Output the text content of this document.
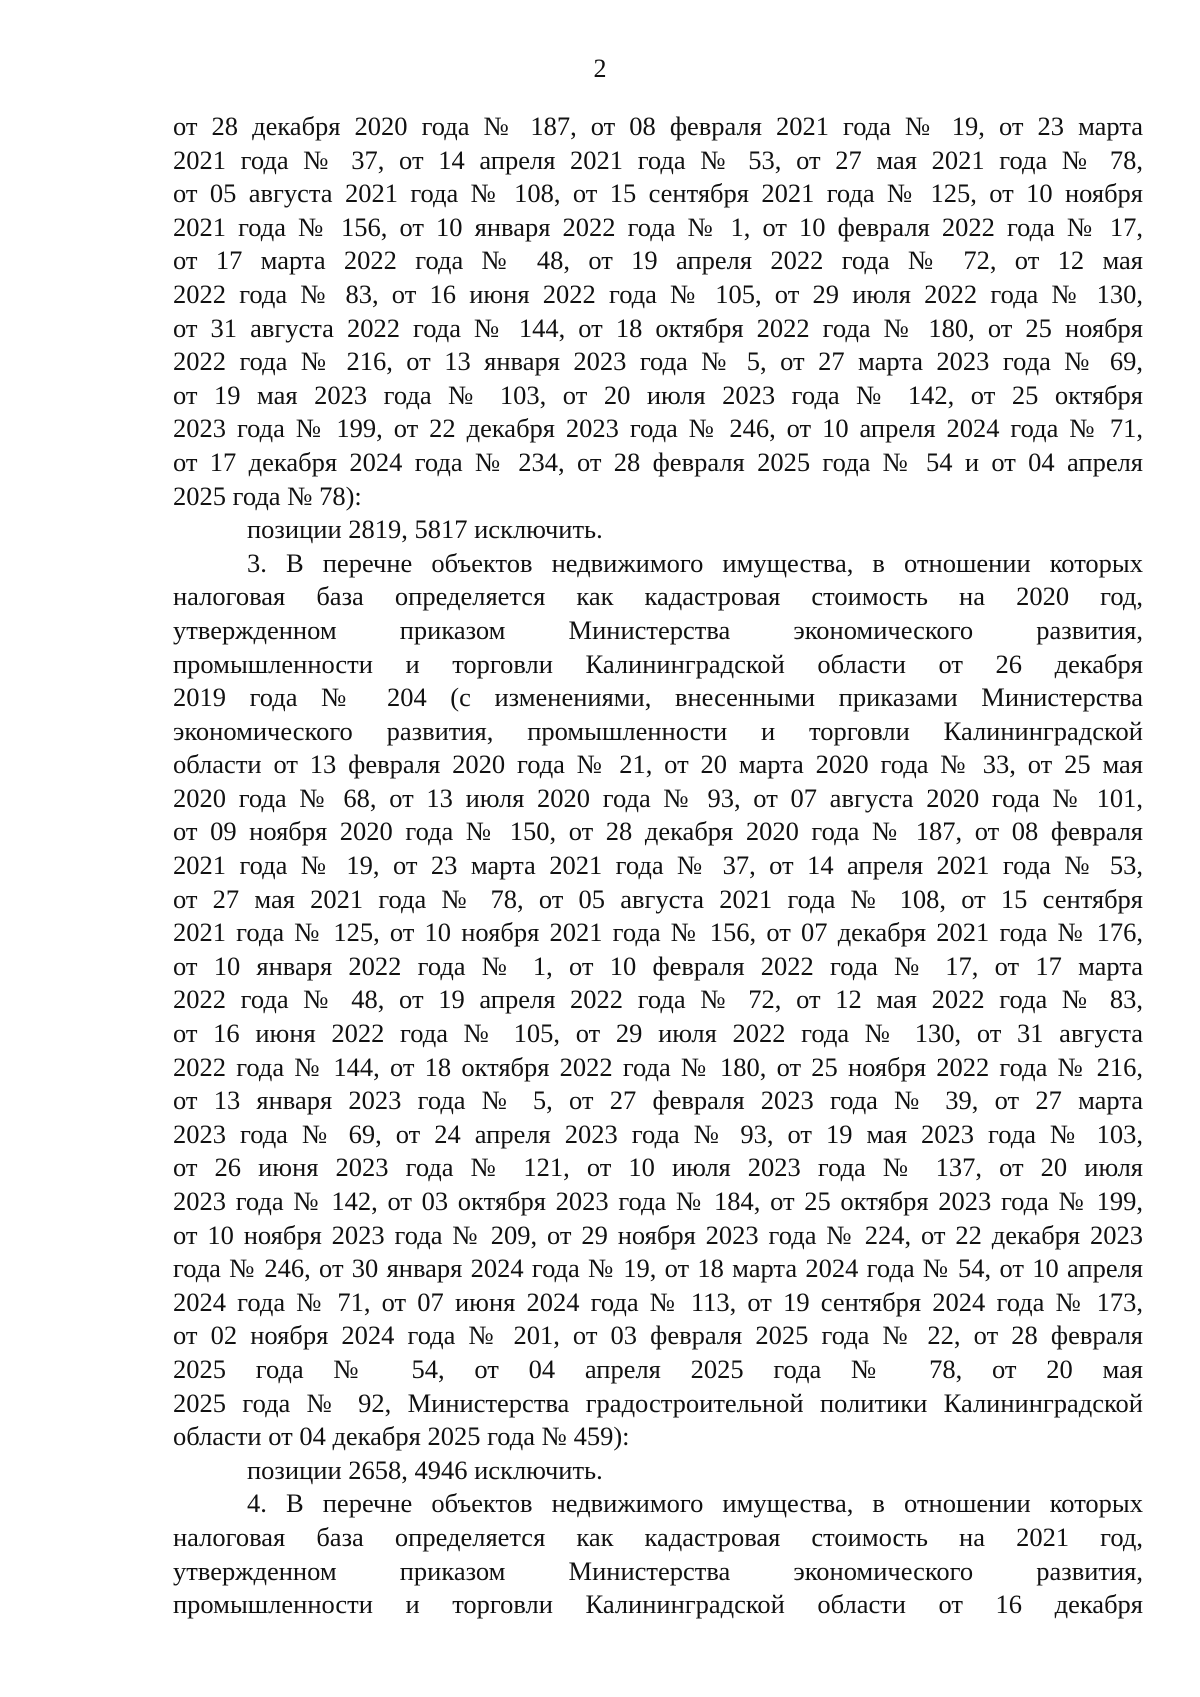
2

от 28 декабря 2020 года № 187, от 08 февраля 2021 года № 19, от 23 марта

2021 года № 37, от 14 апреля 2021 года № 53, от 27 мая 2021 года № 78,

от 05 августа 2021 года № 108, от 15 сентября 2021 года № 125, от 10 ноября

2021 года № 156, от 10 января 2022 года № 1, от 10 февраля 2022 года № 17,

от 17 марта 2022 года № 48, от 19 апреля 2022 года № 72, от 12 мая

2022 года № 83, от 16 июня 2022 года № 105, от 29 июля 2022 года № 130,

от 31 августа 2022 года № 144, от 18 октября 2022 года № 180, от 25 ноября

2022 года № 216, от 13 января 2023 года № 5, от 27 марта 2023 года № 69,

от 19 мая 2023 года № 103, от 20 июля 2023 года № 142, от 25 октября

2023 года № 199, от 22 декабря 2023 года № 246, от 10 апреля 2024 года № 71,

от 17 декабря 2024 года № 234, от 28 февраля 2025 года № 54 и от 04 апреля

2025 года № 78):

позиции 2819, 5817 исключить.

3. В перечне объектов недвижимого имущества, в отношении которых

налоговая база определяется как кадастровая стоимость на 2020 год,

утвержденном приказом Министерства экономического развития,

промышленности и торговли Калининградской области от 26 декабря

2019 года № 204 (с изменениями, внесенными приказами Министерства

экономического развития, промышленности и торговли Калининградской

области от 13 февраля 2020 года № 21, от 20 марта 2020 года № 33, от 25 мая

2020 года № 68, от 13 июля 2020 года № 93, от 07 августа 2020 года № 101,

от 09 ноября 2020 года № 150, от 28 декабря 2020 года № 187, от 08 февраля

2021 года № 19, от 23 марта 2021 года № 37, от 14 апреля 2021 года № 53,

от 27 мая 2021 года № 78, от 05 августа 2021 года № 108, от 15 сентября

2021 года № 125, от 10 ноября 2021 года № 156, от 07 декабря 2021 года № 176,

от 10 января 2022 года № 1, от 10 февраля 2022 года № 17, от 17 марта

2022 года № 48, от 19 апреля 2022 года № 72, от 12 мая 2022 года № 83,

от 16 июня 2022 года № 105, от 29 июля 2022 года № 130, от 31 августа

2022 года № 144, от 18 октября 2022 года № 180, от 25 ноября 2022 года № 216,

от 13 января 2023 года № 5, от 27 февраля 2023 года № 39, от 27 марта

2023 года № 69, от 24 апреля 2023 года № 93, от 19 мая 2023 года № 103,

от 26 июня 2023 года № 121, от 10 июля 2023 года № 137, от 20 июля

2023 года № 142, от 03 октября 2023 года № 184, от 25 октября 2023 года № 199,

от 10 ноября 2023 года № 209, от 29 ноября 2023 года № 224, от 22 декабря 2023

года № 246, от 30 января 2024 года № 19, от 18 марта 2024 года № 54, от 10 апреля

2024 года № 71, от 07 июня 2024 года № 113, от 19 сентября 2024 года № 173,

от 02 ноября 2024 года № 201, от 03 февраля 2025 года № 22, от 28 февраля

2025 года № 54, от 04 апреля 2025 года № 78, от 20 мая

2025 года № 92, Министерства градостроительной политики Калининградской

области от 04 декабря 2025 года № 459):

позиции 2658, 4946 исключить.

4. В перечне объектов недвижимого имущества, в отношении которых

налоговая база определяется как кадастровая стоимость на 2021 год,

утвержденном приказом Министерства экономического развития,

промышленности и торговли Калининградской области от 16 декабря
